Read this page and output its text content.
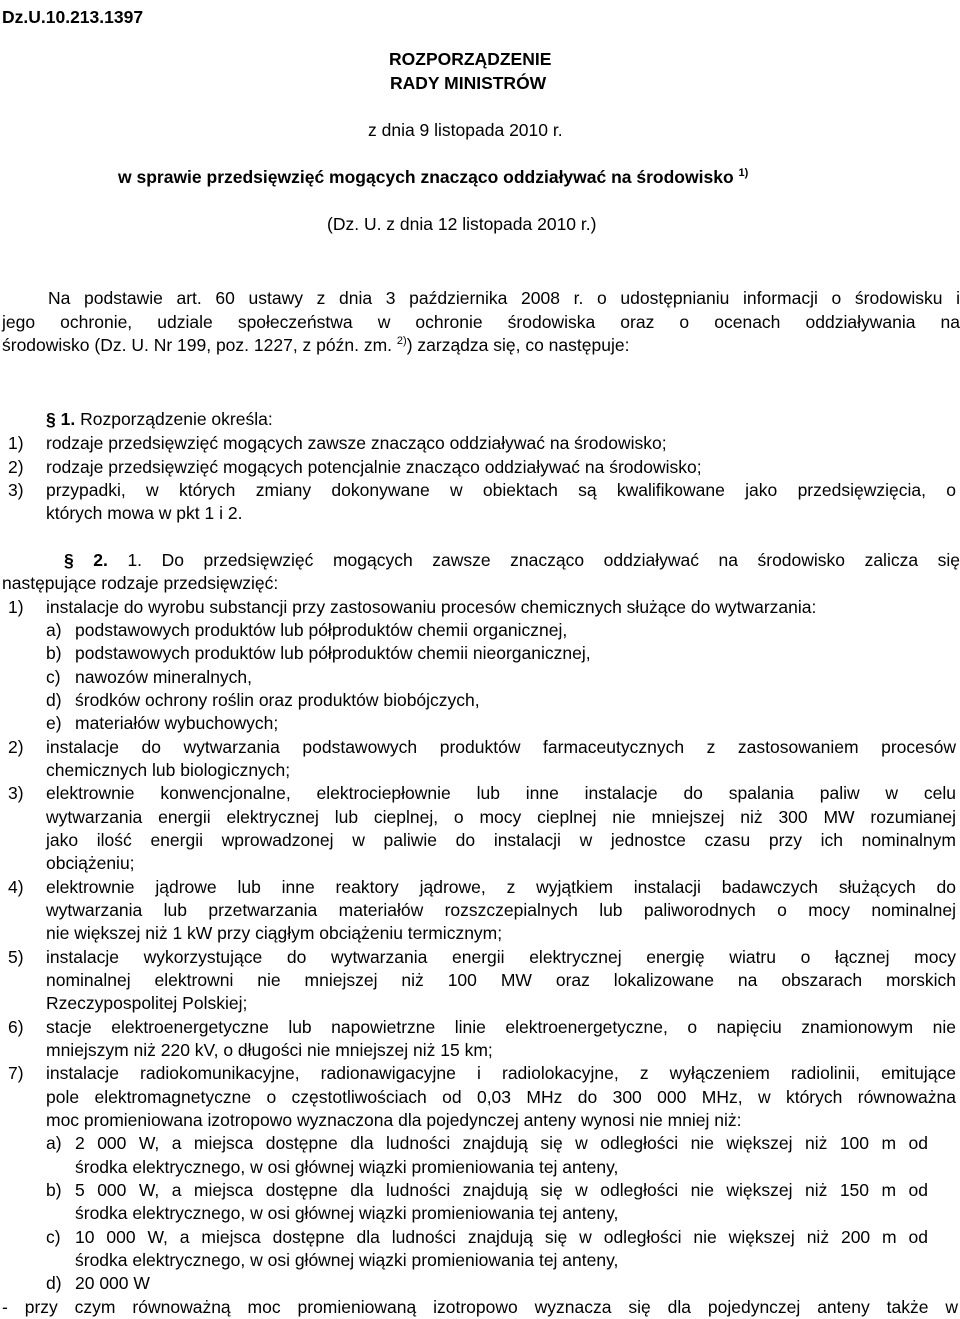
Dz.U.10.213.1397
ROZPORZĄDZENIE
RADY MINISTRÓW
z dnia 9 listopada 2010 r.
w sprawie przedsięwzięć mogących znacząco oddziaływać na środowisko $^{1)}$
(Dz. U. z dnia 12 listopada 2010 r.)
Na podstawie art. 60 ustawy z dnia 3 października 2008 r. o udostępnianiu informacji o środowisku i
jego ochronie, udziale społeczeństwa w ochronie środowiska oraz o ocenach oddziaływania na
środowisko (Dz. U. Nr 199, poz. 1227, z późn. zm. $^{2)}$) zarządza się, co następuje:
§ 1. Rozporządzenie określa:
1) rodzaje przedsięwzięć mogących zawsze znacząco oddziaływać na środowisko;
2) rodzaje przedsięwzięć mogących potencjalnie znacząco oddziaływać na środowisko;
3) przypadki, w których zmiany dokonywane w obiektach są kwalifikowane jako przedsięwzięcia, o
których mowa w pkt 1 i 2.
§ 2. 1. Do przedsięwzięć mogących zawsze znacząco oddziaływać na środowisko zalicza się
następujące rodzaje przedsięwzięć:
1) instalacje do wyrobu substancji przy zastosowaniu procesów chemicznych służące do wytwarzania:
a) podstawowych produktów lub półproduktów chemii organicznej,
b) podstawowych produktów lub półproduktów chemii nieorganicznej,
c) nawozów mineralnych,
d) środków ochrony roślin oraz produktów biobójczych,
e) materiałów wybuchowych;
2) instalacje do wytwarzania podstawowych produktów farmaceutycznych z zastosowaniem procesów
chemicznych lub biologicznych;
3) elektrownie konwencjonalne, elektrociepłownie lub inne instalacje do spalania paliw w celu
wytwarzania energii elektrycznej lub cieplnej, o mocy cieplnej nie mniejszej niż 300 MW rozumianej
jako ilość energii wprowadzonej w paliwie do instalacji w jednostce czasu przy ich nominalnym
obciążeniu;
4) elektrownie jądrowe lub inne reaktory jądrowe, z wyjątkiem instalacji badawczych służących do
wytwarzania lub przetwarzania materiałów rozszczepialnych lub paliworodnych o mocy nominalnej
nie większej niż 1 kW przy ciągłym obciążeniu termicznym;
5) instalacje wykorzystujące do wytwarzania energii elektrycznej energię wiatru o łącznej mocy
nominalnej elektrowni nie mniejszej niż 100 MW oraz lokalizowane na obszarach morskich
Rzeczypospolitej Polskiej;
6) stacje elektroenergetyczne lub napowietrzne linie elektroenergetyczne, o napięciu znamionowym nie
mniejszym niż 220 kV, o długości nie mniejszej niż 15 km;
7) instalacje radiokomunikacyjne, radionawigacyjne i radiolokacyjne, z wyłączeniem radiolinii, emitujące
pole elektromagnetyczne o częstotliwościach od 0,03 MHz do 300 000 MHz, w których równoważna
moc promieniowana izotropowo wyznaczona dla pojedynczej anteny wynosi nie mniej niż:
a) 2 000 W, a miejsca dostępne dla ludności znajdują się w odległości nie większej niż 100 m od
środka elektrycznego, w osi głównej wiązki promieniowania tej anteny,
b) 5 000 W, a miejsca dostępne dla ludności znajdują się w odległości nie większej niż 150 m od
środka elektrycznego, w osi głównej wiązki promieniowania tej anteny,
c) 10 000 W, a miejsca dostępne dla ludności znajdują się w odległości nie większej niż 200 m od
środka elektrycznego, w osi głównej wiązki promieniowania tej anteny,
d) 20 000 W
- przy czym równoważną moc promieniowaną izotropowo wyznacza się dla pojedynczej anteny także w
